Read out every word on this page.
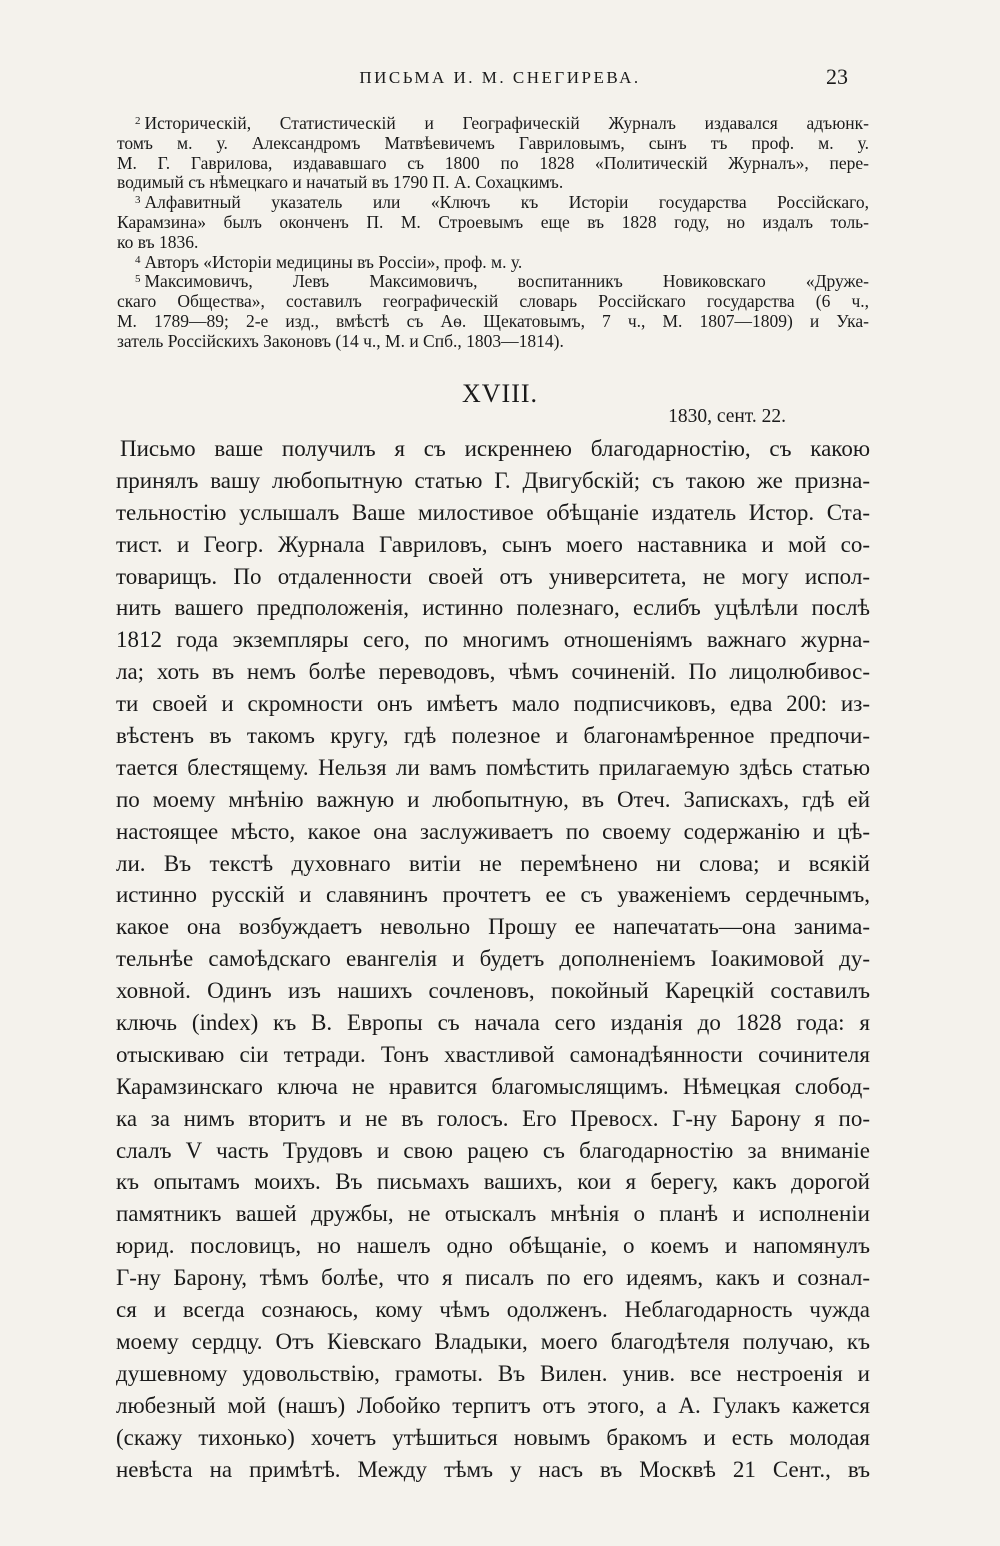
ПИСЬМА И. М. СНЕГИРЕВА.	23
$^2$ Историческій, Статистическій и Географическій Журналъ издавался адъюнк-
томъ м. у. Александромъ Матвѣевичемъ Гавриловымъ, сынъ тъ проф. м. у.
М. Г. Гаврилова, издававшаго съ 1800 по 1828 «Политическій Журналъ», пере-
водимый съ нѣмецкаго и начатый въ 1790 П. А. Сохацкимъ.
$^3$ Алфавитный указатель или «Ключъ къ Исторіи государства Россійскаго,
Карамзина» былъ оконченъ П. М. Строевымъ еще въ 1828 году, но издалъ толь-
ко въ 1836.
$^4$ Авторъ «Исторіи медицины въ Россіи», проф. м. у.
$^5$ Максимовичъ, Левъ Максимовичъ, воспитанникъ Новиковскаго «Друже-
скаго Общества», составилъ географическій словарь Россійскаго государства (6 ч.,
М. 1789—89; 2-е изд., вмѣстѣ съ Аѳ. Щекатовымъ, 7 ч., М. 1807—1809) и Ука-
затель Россійскихъ Законовъ (14 ч., М. и Спб., 1803—1814).
XVIII.
1830, сент. 22.
Письмо ваше получилъ я съ искреннею благодарностію, съ какою
принялъ вашу любопытную статью Г. Двигубскій; съ такою же призна-
тельностію услышалъ Ваше милостивое обѣщаніе издатель Истор. Ста-
тист. и Геогр. Журнала Гавриловъ, сынъ моего наставника и мой со-
товарищъ. По отдаленности своей отъ университета, не могу испол-
нить вашего предположенія, истинно полезнаго, еслибъ уцѣлѣли послѣ
1812 года экземпляры сего, по многимъ отношеніямъ важнаго журна-
ла; хоть въ немъ болѣе переводовъ, чѣмъ сочиненій. По лицолюбивос-
ти своей и скромности онъ имѣетъ мало подписчиковъ, едва 200: из-
вѣстенъ въ такомъ кругу, гдѣ полезное и благонамѣренное предпочи-
тается блестящему. Нельзя ли вамъ помѣстить прилагаемую здѣсь статью
по моему мнѣнію важную и любопытную, въ Отеч. Запискахъ, гдѣ ей
настоящее мѣсто, какое она заслуживаетъ по своему содержанію и цѣ-
ли. Въ текстѣ духовнаго витіи не перемѣнено ни слова; и всякій
истинно русскій и славянинъ прочтетъ ее съ уваженіемъ сердечнымъ,
какое она возбуждаетъ невольно Прошу ее напечатать—она занима-
тельнѣе самоѣдскаго евангелія и будетъ дополненіемъ Іоакимовой ду-
ховной. Одинъ изъ нашихъ сочленовъ, покойный Карецкій составилъ
ключь (index) къ В. Европы съ начала сего изданія до 1828 года: я
отыскиваю сіи тетради. Тонъ хвастливой самонадѣянности сочинителя
Карамзинскаго ключа не нравится благомыслящимъ. Нѣмецкая слобод-
ка за нимъ вторитъ и не въ голосъ. Его Превосх. Г-ну Барону я по-
слалъ V часть Трудовъ и свою рацею съ благодарностію за вниманіе
къ опытамъ моихъ. Въ письмахъ вашихъ, кои я берегу, какъ дорогой
памятникъ вашей дружбы, не отыскалъ мнѣнія о планѣ и исполненіи
юрид. пословицъ, но нашелъ одно обѣщаніе, о коемъ и напомянулъ
Г-ну Барону, тѣмъ болѣе, что я писалъ по его идеямъ, какъ и сознал-
ся и всегда сознаюсь, кому чѣмъ одолженъ. Неблагодарность чужда
моему сердцу. Отъ Кіевскаго Владыки, моего благодѣтеля получаю, къ
душевному удовольствію, грамоты. Въ Вилен. унив. все нестроенія и
любезный мой (нашъ) Лобойко терпитъ отъ этого, а А. Гулакъ кажется
(скажу тихонько) хочетъ утѣшиться новымъ бракомъ и есть молодая
невѣста на примѣтѣ. Между тѣмъ у насъ въ Москвѣ 21 Сент., въ
